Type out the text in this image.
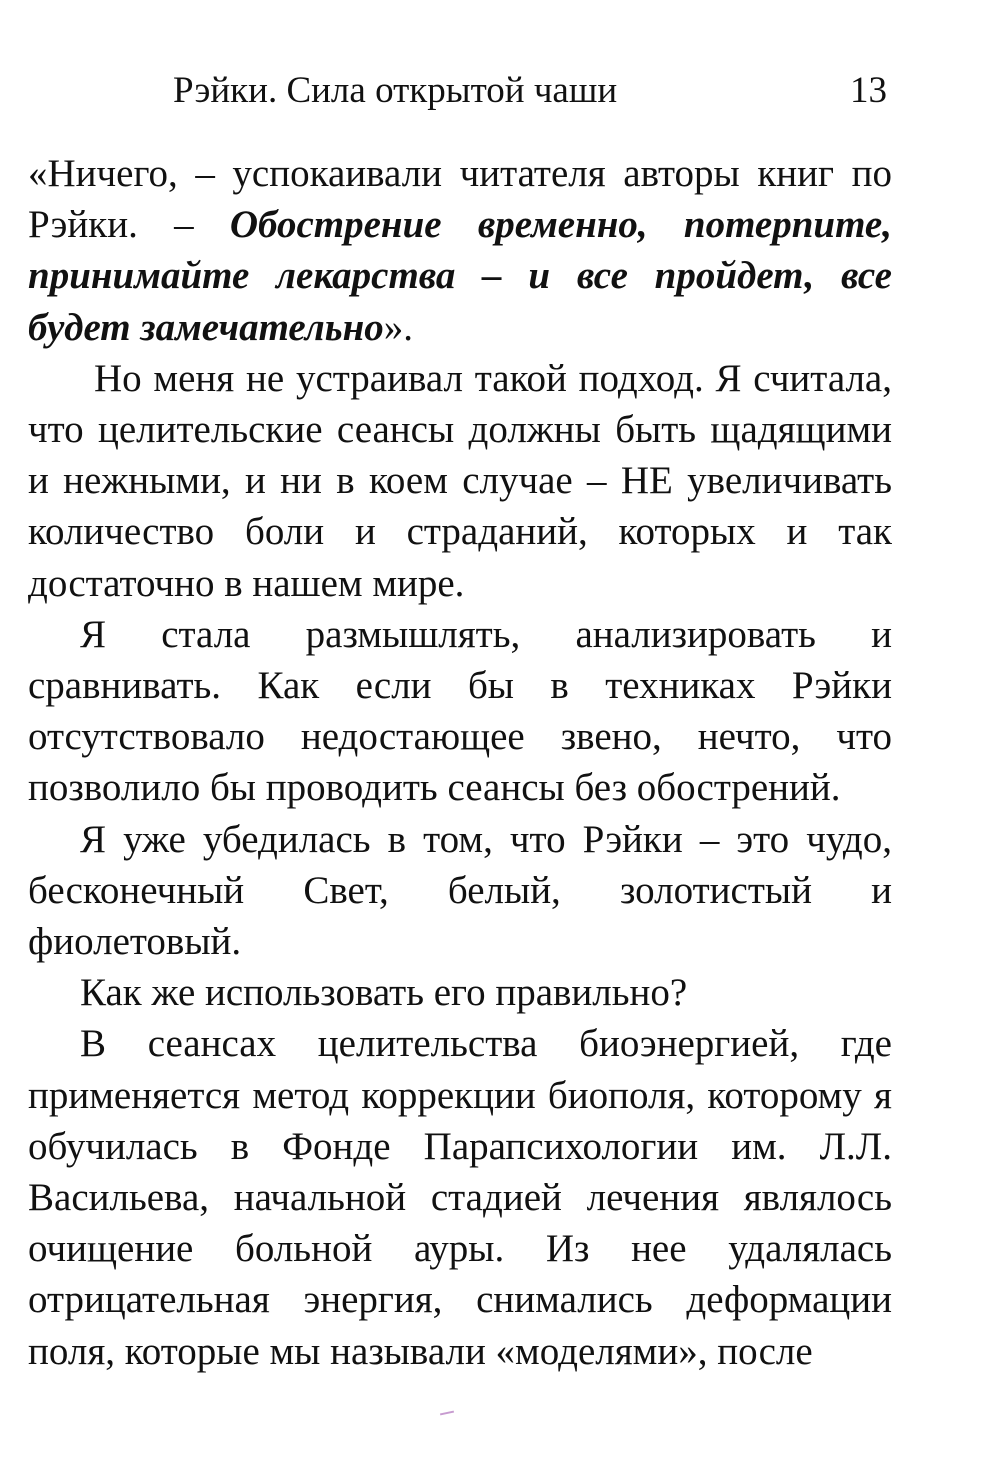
Рэйки. Сила открытой чаши	13

«Ничего, – успокаивали читателя авторы книг по Рэйки. – Обострение временно, потерпите, принимайте лекарства – и все пройдет, все будет замечательно».

Но меня не устраивал такой подход. Я считала, что целительские сеансы должны быть щадящими и нежными, и ни в коем случае – НЕ увеличивать количество боли и страданий, которых и так достаточно в нашем мире.

Я стала размышлять, анализировать и сравнивать. Как если бы в техниках Рэйки отсутствовало недостающее звено, нечто, что позволило бы проводить сеансы без обострений.

Я уже убедилась в том, что Рэйки – это чудо, бесконечный Свет, белый, золотистый и фиолетовый.

Как же использовать его правильно?

В сеансах целительства биоэнергией, где применяется метод коррекции биополя, которому я обучилась в Фонде Парапсихологии им. Л.Л. Васильева, начальной стадией лечения являлось очищение больной ауры. Из нее удалялась отрицательная энергия, снимались деформации поля, которые мы называли «моделями», после
